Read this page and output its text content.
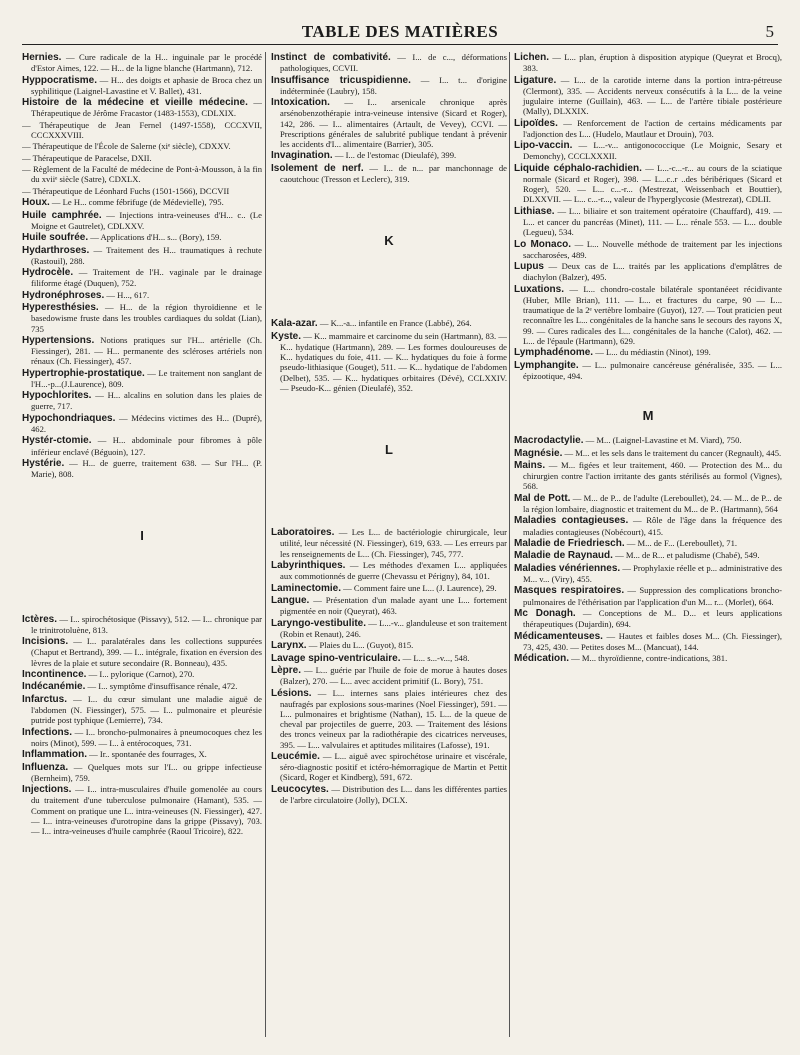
TABLE DES MATIÈRES	5
Hernies. — Cure radicale de la H... inguinale par le procédé d'Estor Aimes, 122. — H... de la ligne blanche (Hartmann), 712.
Hyppocratisme. — H... des doigts et aphasie de Broca chez un syphilitique (Laignel-Lavastine et V. Ballet), 431.
Histoire de la médecine et vieille médecine. — Thérapeutique de Jérôme Fracastor (1483-1553), CDLXIX.
— Thérapeutique de Jean Fernel (1497-1558), CCCXVII, CCCXXXVIII.
— Thérapeutique de l'École de Salerne (xiᵉ siècle), CDXXV.
— Thérapeutique de Paracelse, DXII.
— Règlement de la Faculté de médecine de Pont-à-Mousson, à la fin du xviiᵉ siècle (Satre), CDXLX.
— Thérapeutique de Léonhard Fuchs (1501-1566), DCCVII
Houx. — Le H... comme fébrifuge (de Médevielle), 795.
Huile camphrée. — Injections intra-veineuses d'H... c.. (Le Moigne et Gautrelet), CDLXXV.
Huile soufrée. — Applications d'H... s... (Bory), 159.
Hydarthroses. — Traitement des H... traumatiques à rechute (Rastouil), 288.
Hydrocèle. — Traitement de l'H.. vaginale par le drainage filiforme étagé (Duquen), 752.
Hydronéphroses. — H..., 617.
Hyperesthésies. — H... de la région thyroïdienne et le basedowisme fruste dans les troubles cardiaques du soldat (Lian), 735
Hypertensions. Notions pratiques sur l'H... artérielle (Ch. Fiessinger), 281. — H... permanente des scléroses artériels non rénaux (Ch. Fiessinger), 457.
Hypertrophie-prostatique. — Le traitement non sanglant de l'H...-p...(J.Laurence), 809.
Hypochlorites. — H... alcalins en solution dans les plaies de guerre, 717.
Hypochondriaques. — Médecins victimes des H... (Dupré), 462.
Hystér-ctomie. — H... abdominale pour fibromes à pôle inférieur enclavé (Béguoin), 127.
Hystérie. — H... de guerre, traitement 638. — Sur l'H... (P. Marie), 808.
I
Ictères. — I... spirochétosique (Pissavy), 512. — I... chronique par le trinitrotoluène, 813.
Incisions. — I... paralatérales dans les collections suppurées (Chaput et Bertrand), 399. — I... intégrale, fixation en éversion des lèvres de la plaie et suture secondaire (R. Bonneau), 435.
Incontinence. — I... pylorique (Carnot), 270.
Indécanémie. — I... symptôme d'insuffisance rénale, 472.
Infarctus. — I... du cœur simulant une maladie aiguë de l'abdomen (N. Fiessinger), 575. — I... pulmonaire et pleurésie putride post typhique (Lemierre), 734.
Infections. — I... broncho-pulmonaires à pneumocoques chez les noirs (Minot), 599. — I... à entérocoques, 731.
Inflammation. — Ir.. spontanée des fourrages, X.
Influenza. — Quelques mots sur l'I... ou grippe infectieuse (Bernheim), 759.
Injections. — I... intra-musculaires d'huile gomenolée au cours du traitement d'une tuberculose pulmonaire (Hamant), 535. — Comment on pratique une I... intra-veineuses (N. Fiessinger), 427. — I... intra-veineuses d'urotropine dans la grippe (Pissavy), 703. — I... intra-veineuses d'huile camphrée (Raoul Tricoire), 822.
Instinct de combativité. — I... de c..., déformations pathologiques, CCVII.
Insuffisance tricuspidienne. — I... t... d'origine indéterminée (Laubry), 158.
Intoxication. — I... arsenicale chronique après arsénobenzothérapie intra-veineuse intensive (Sicard et Roger), 142, 286. — I... alimentaires (Artault, de Vevey), CCVI. — Prescriptions générales de salubrité publique tendant à prévenir les accidents d'I... alimentaire (Barrier), 305.
Invagination. — I... de l'estomac (Dieulafé), 399.
Isolement de nerf. — I... de n... par manchonnage de caoutchouc (Tresson et Leclerc), 319.
K
Kala-azar. — K...-a... infantile en France (Labbé), 264.
Kyste. — K... mammaire et carcinome du sein (Hartmann), 83. — K... hydatique (Hartmann), 289. — Les formes douloureuses de K... hydatiques du foie, 411. — K... hydatiques du foie à forme pseudo-lithiasique (Gouget), 511. — K... hydatique de l'abdomen (Delbet), 535. — K... hydatiques orbitaires (Dévé), CCLXXIV. — Pseudo-K... génien (Dieulafé), 352.
L
Laboratoires. — Les L... de bactériologie chirurgicale, leur utilité, leur nécessité (N. Fiessinger), 619, 633. — Les erreurs par les renseignements de L... (Ch. Fiessinger), 745, 777.
Labyrinthiques. — Les méthodes d'examen L... appliquées aux commotionnés de guerre (Chevassu et Périgny), 84, 101.
Laminectomie. — Comment faire une L... (J. Laurence), 29.
Langue. — Présentation d'un malade ayant une L... fortement pigmentée en noir (Queyrat), 463.
Laryngo-vestibulite. — L...-v... glanduleuse et son traitement (Robin et Renaut), 246.
Larynx. — Plaies du L... (Guyot), 815.
Lavage spino-ventriculaire. — L... s...-v..., 548.
Lèpre. — L... guérie par l'huile de foie de morue à hautes doses (Balzer), 270. — L... avec accident primitif (L. Bory), 751.
Lésions. — L... internes sans plaies intérieures chez des naufragés par explosions sous-marines (Noel Fiessinger), 591. — L... pulmonaires et brightisme (Nathan), 15. L... de la queue de cheval par projectiles de guerre, 203. — Traitement des lésions des troncs veineux par la radiothérapie des cicatrices nerveuses, 395. — L... valvulaires et aptitudes militaires (Lafosse), 191.
Leucémie. — L... aiguë avec spirochétose urinaire et viscérale, séro-diagnostic positif et ictéro-hémorragique de Martin et Pettit (Sicard, Roger et Kindberg), 591, 672.
Leucocytes. — Distribution des L... dans les différentes parties de l'arbre circulatoire (Jolly), DCLX.
Lichen. — L... plan, éruption à disposition atypique (Queyrat et Brocq), 383.
Ligature. — L... de la carotide interne dans la portion intra-pétreuse (Clermont), 335. — Accidents nerveux consécutifs à la L... de la veine jugulaire interne (Guillain), 463. — L... de l'artère tibiale postérieure (Mally), DLXXIX.
Lipoïdes. — Renforcement de l'action de certains médicaments par l'adjonction des L... (Hudelo, Mautlaur et Drouin), 703.
Lipo-vaccin. — L...-v... antigonococcique (Le Moignic, Sesary et Demonchy), CCCLXXXII.
Liquide céphalo-rachidien. — L...-c...-r... au cours de la sciatique normale (Sicard et Roger), 398. — L...c..r ..des béribériques (Sicard et Roger), 520. — L... c...-r... (Mestrezat, Weissenbach et Bouttier), DLXXVII. — L... c...-r..., valeur de l'hyperglycosie (Mestrezat), CDLII.
Lithiase. — L... biliaire et son traitement opératoire (Chauffard), 419. — L... et cancer du pancréas (Minet), 111. — L... rénale 553. — L... double (Legueu), 534.
Lo Monaco. — L... Nouvelle méthode de traitement par les injections saccharosées, 489.
Lupus — Deux cas de L... traités par les applications d'emplâtres de diachylon (Balzer), 495.
Luxations. — L... chondro-costale bilatérale spontanéeet récidivante (Huber, Mlle Brian), 111. — L... et fractures du carpe, 90 — L... traumatique de la 2ᵉ vertèbre lombaire (Guyot), 127. — Tout praticien peut reconnaître les L... congénitales de la hanche sans le secours des rayons X, 99. — Cures radicales des L... congénitales de la hanche (Calot), 462. — L... de l'épaule (Hartmann), 629.
Lymphadénome. — L... du médiastin (Ninot), 199.
Lymphangite. — L... pulmonaire cancéreuse généralisée, 335. — L... épizootique, 494.
M
Macrodactylie. — M... (Laignel-Lavastine et M. Viard), 750.
Magnésie. — M... et les sels dans le traitement du cancer (Regnault), 445.
Mains. — M... figées et leur traitement, 460. — Protection des M... du chirurgien contre l'action irritante des gants stérilisés au formol (Vignes), 568.
Mal de Pott. — M... de P... de l'adulte (Lereboullet), 24. — M... de P... de la région lombaire, diagnostic et traitement du M... de P.. (Hartmann), 564
Maladies contagieuses. — Rôle de l'âge dans la fréquence des maladies contagieuses (Nobécourt), 415.
Maladie de Friedriesch. — M... de F... (Lereboullet), 71.
Maladie de Raynaud. — M... de R... et paludisme (Chabé), 549.
Maladies vénériennes. — Prophylaxie réelle et p... administrative des M... v... (Viry), 455.
Masques respiratoires. — Suppression des complications broncho-pulmonaires de l'éthérisation par l'application d'un M... r... (Morlet), 664.
Mc Donagh. — Conceptions de M.. D... et leurs applications thérapeutiques (Dujardin), 694.
Médicamenteuses. — Hautes et faibles doses M... (Ch. Fiessinger), 73, 425, 430. — Petites doses M... (Mancuat), 144.
Médication. — M... thyroïdienne, contre-indications, 381.
